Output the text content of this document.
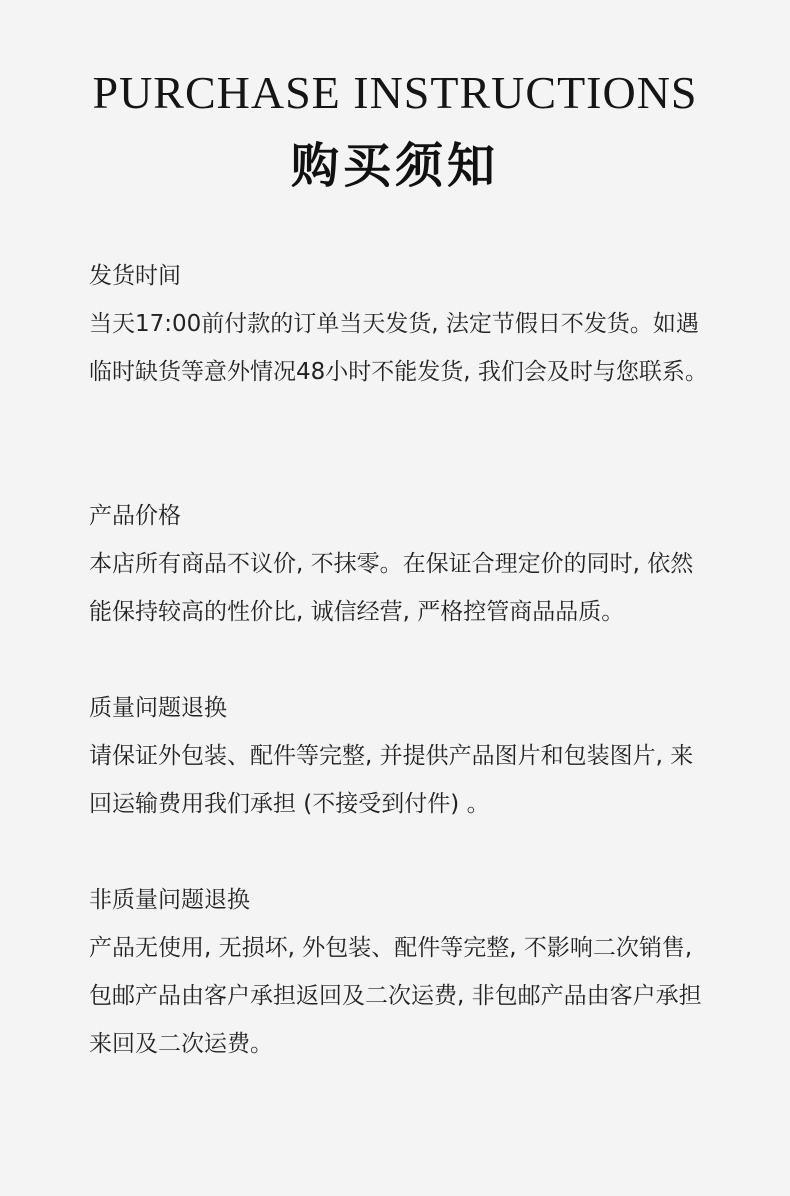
PURCHASE INSTRUCTIONS
购买须知
发货时间
当天17:00前付款的订单当天发货, 法定节假日不发货。如遇临时缺货等意外情况48小时不能发货, 我们会及时与您联系。
产品价格
本店所有商品不议价, 不抹零。在保证合理定价的同时, 依然能保持较高的性价比, 诚信经营, 严格控管商品品质。
质量问题退换
请保证外包装、配件等完整, 并提供产品图片和包装图片, 来回运输费用我们承担 (不接受到付件) 。
非质量问题退换
产品无使用, 无损坏, 外包装、配件等完整, 不影响二次销售, 包邮产品由客户承担返回及二次运费, 非包邮产品由客户承担来回及二次运费。
